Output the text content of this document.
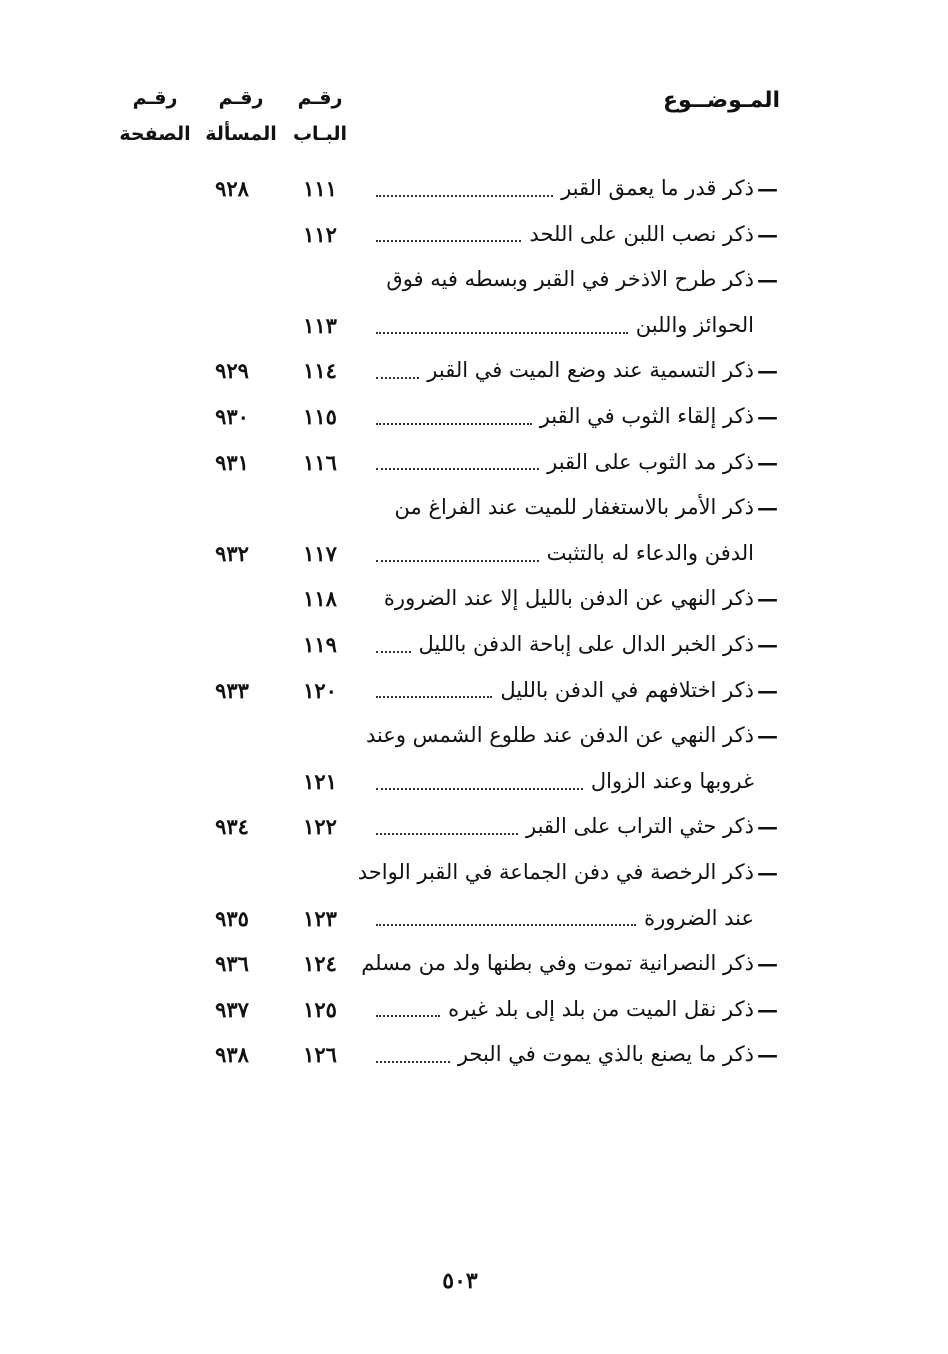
المـوضــوع
رقـم
البـاب
رقـم
المسألة
رقـم
الصفحة
—
ذكر قدر ما يعمق القبر
١١١
٩٢٨
—
ذكر نصب اللبن على اللحد
١١٢
—
ذكر طرح الاذخر في القبر وبسطه فيه فوق
الحوائز واللبن
١١٣
—
ذكر التسمية عند وضع الميت في القبر
١١٤
٩٢٩
—
ذكر إلقاء الثوب في القبر
١١٥
٩٣٠
—
ذكر مد الثوب على القبر
١١٦
٩٣١
—
ذكر الأمر بالاستغفار للميت عند الفراغ من
الدفن والدعاء له بالتثبت
١١٧
٩٣٢
—
ذكر النهي عن الدفن بالليل إلا عند الضرورة
١١٨
—
ذكر الخبر الدال على إباحة الدفن بالليل
١١٩
—
ذكر اختلافهم في الدفن بالليل
١٢٠
٩٣٣
—
ذكر النهي عن الدفن عند طلوع الشمس وعند
غروبها وعند الزوال
١٢١
—
ذكر حثي التراب على القبر
١٢٢
٩٣٤
—
ذكر الرخصة في دفن الجماعة في القبر الواحد
عند الضرورة
١٢٣
٩٣٥
—
ذكر النصرانية تموت وفي بطنها ولد من مسلم
١٢٤
٩٣٦
—
ذكر نقل الميت من بلد إلى بلد غيره
١٢٥
٩٣٧
—
ذكر ما يصنع بالذي يموت في البحر
١٢٦
٩٣٨
٥٠٣
